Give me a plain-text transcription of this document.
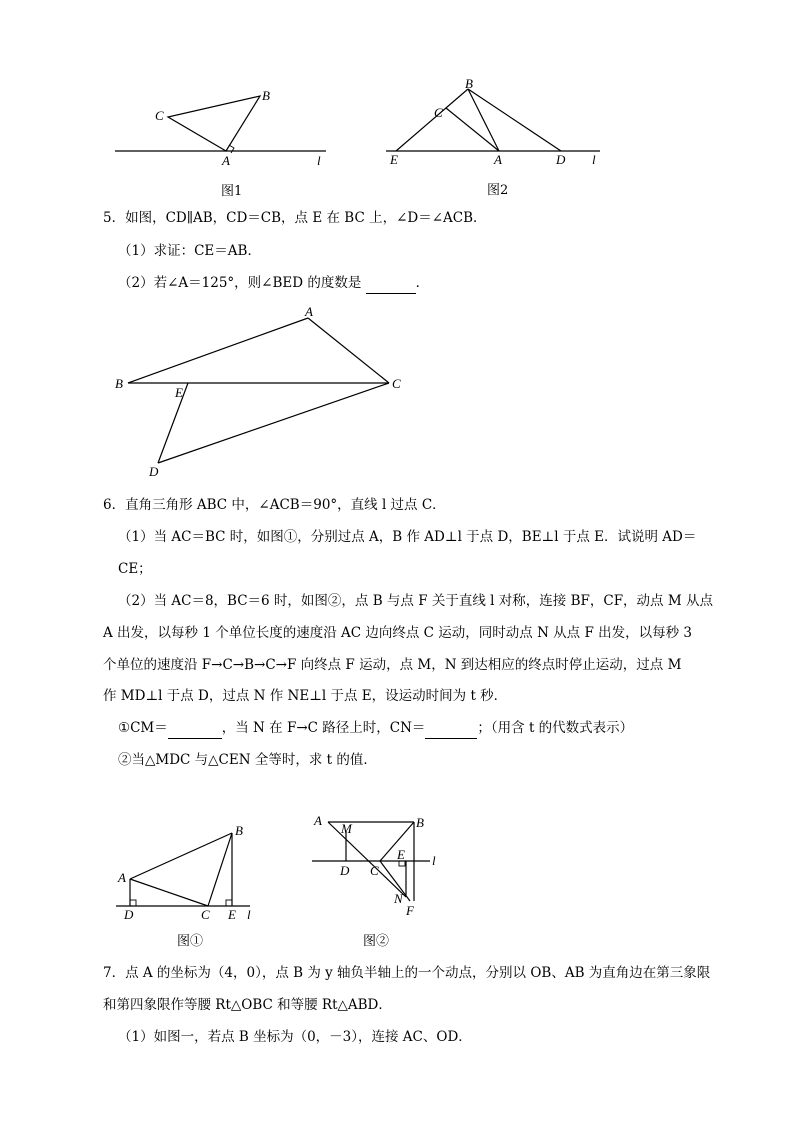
A
B
C
l
图1
B
C
E	A	D l
图2
5．如图，CD∥AB，CD＝CB，点 E 在 BC 上，∠D＝∠ACB．
（1）求证：CE＝AB．
（2）若∠A＝125°，则∠BED 的度数是	．
A
B	C
E
D
6．直角三角形 ABC 中，∠ACB＝90°，直线 l 过点 C．
（1）当 AC＝BC 时，如图①，分别过点 A，B 作 AD⊥l 于点 D，BE⊥l 于点 E．试说明 AD＝
CE；
（2）当 AC＝8，BC＝6 时，如图②，点 B 与点 F 关于直线 l 对称，连接 BF，CF，动点 M 从点
A 出发，以每秒 1 个单位长度的速度沿 AC 边向终点 C 运动，同时动点 N 从点 F 出发，以每秒 3
个单位的速度沿 F→C→B→C→F 向终点 F 运动，点 M，N 到达相应的终点时停止运动，过点 M
作 MD⊥l 于点 D，过点 N 作 NE⊥l 于点 E，设运动时间为 t 秒．
①CM＝	，当 N 在 F→C 路径上时，CN＝	；（用含 t 的代数式表示）
②当△MDC 与△CEN 全等时，求 t 的值．
A
B
D	C E l
图①
A
M	B
E l
D C
N
F
图②
7．点 A 的坐标为（4，0），点 B 为 y 轴负半轴上的一个动点，分别以 OB、AB 为直角边在第三象限
和第四象限作等腰 Rt△OBC 和等腰 Rt△ABD．
（1）如图一，若点 B 坐标为（0，－3），连接 AC、OD．
